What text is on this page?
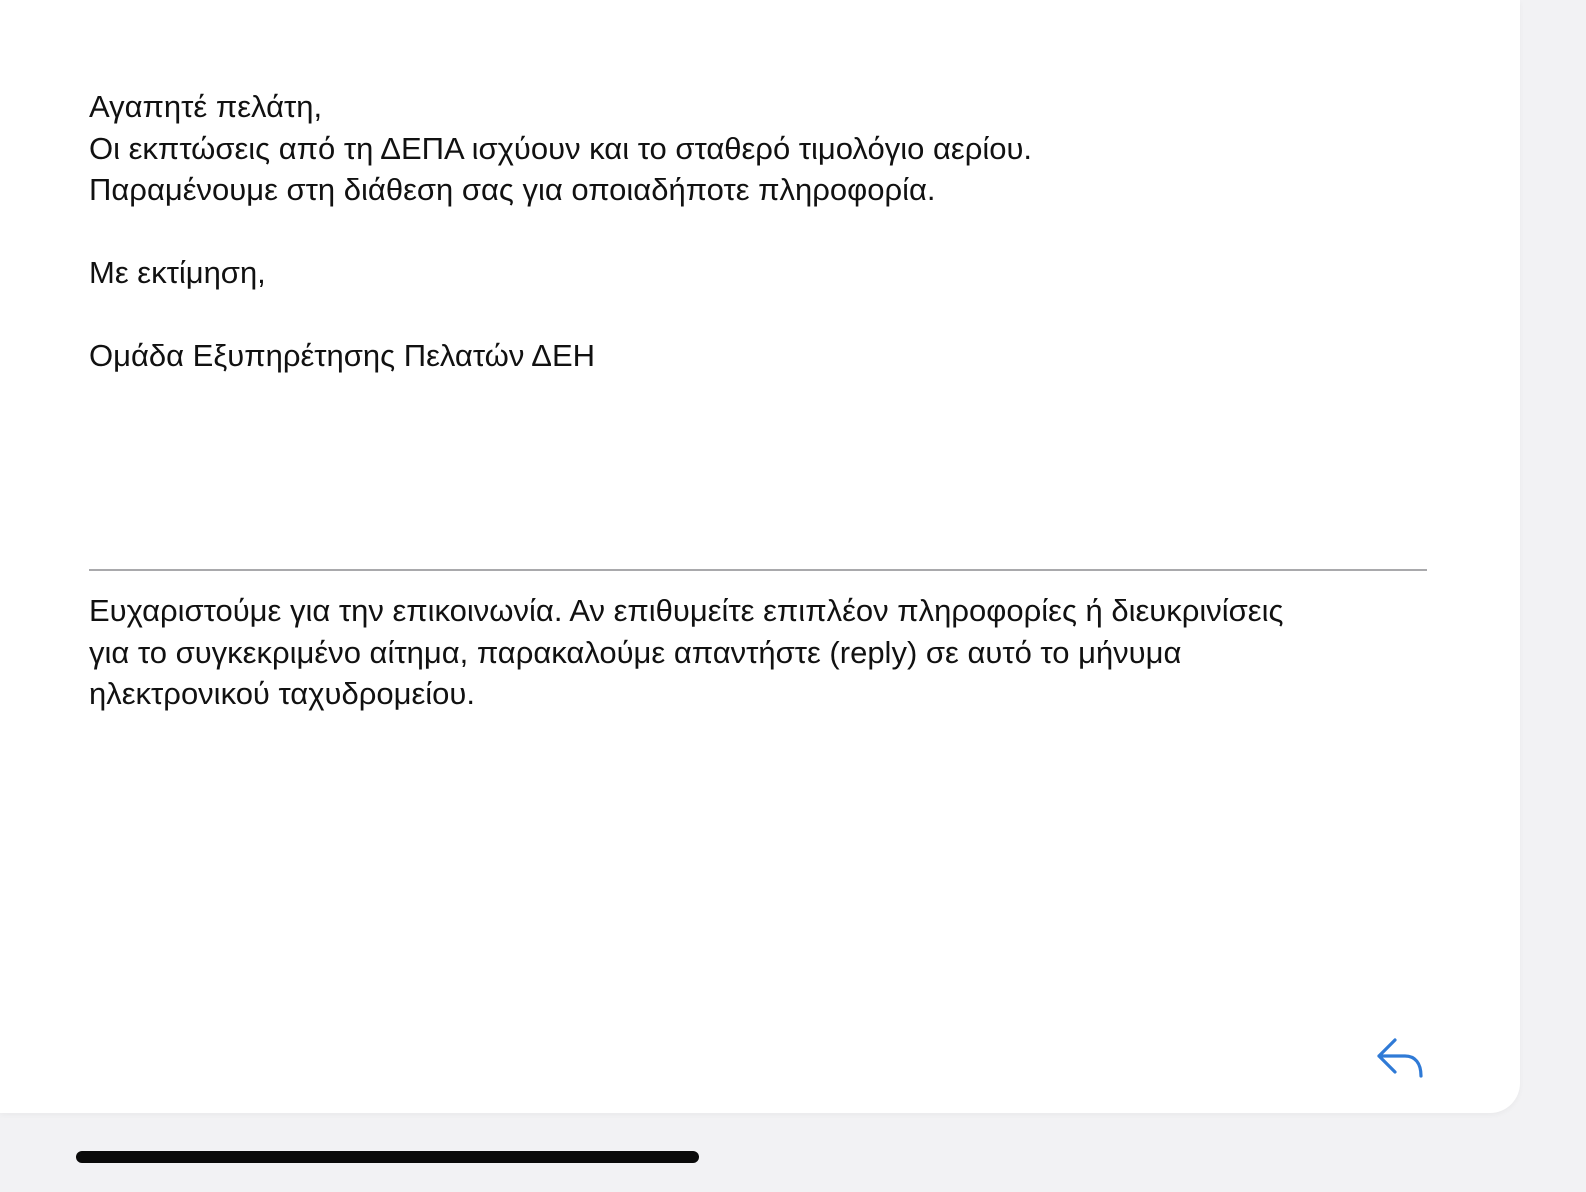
Αγαπητέ πελάτη,
Οι εκπτώσεις από τη ΔΕΠΑ ισχύουν και το σταθερό τιμολόγιο αερίου.
Παραμένουμε στη διάθεση σας για οποιαδήποτε πληροφορία.
Με εκτίμηση,
Ομάδα Εξυπηρέτησης Πελατών ΔΕΗ
Ευχαριστούμε για την επικοινωνία. Αν επιθυμείτε επιπλέον πληροφορίες ή διευκρινίσεις
για το συγκεκριμένο αίτημα, παρακαλούμε απαντήστε (reply) σε αυτό το μήνυμα
ηλεκτρονικού ταχυδρομείου.
